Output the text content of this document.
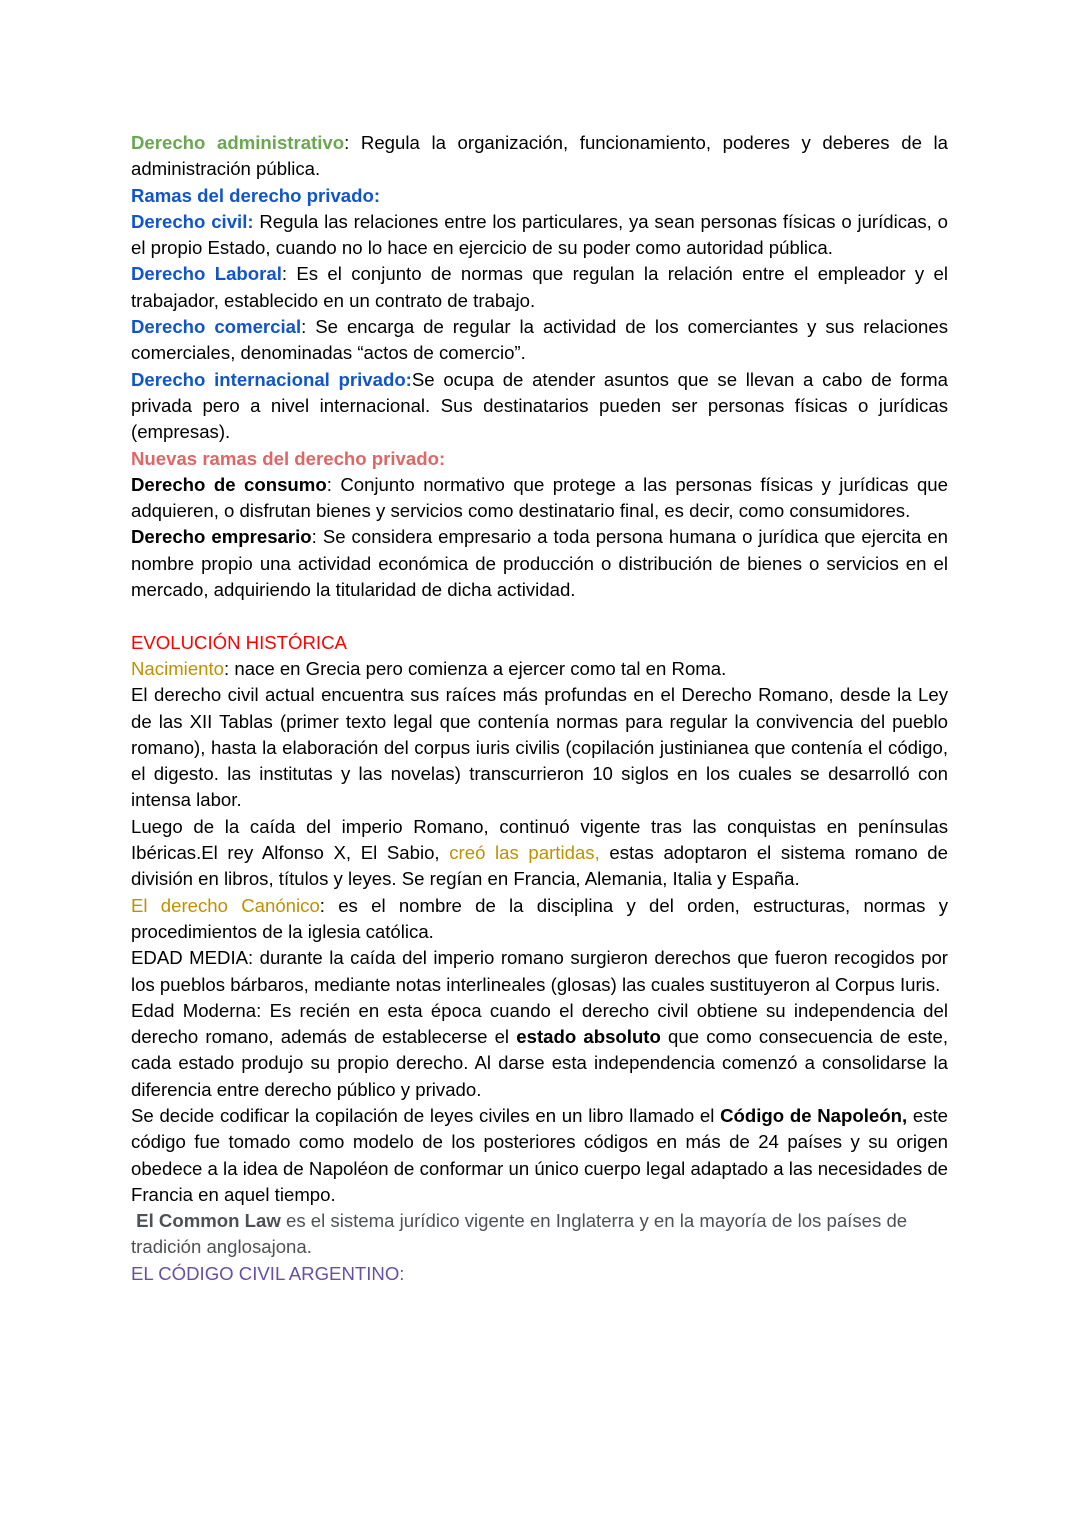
Derecho administrativo: Regula la organización, funcionamiento, poderes y deberes de la administración pública.

Ramas del derecho privado:

Derecho civil: Regula las relaciones entre los particulares, ya sean personas físicas o jurídicas, o el propio Estado, cuando no lo hace en ejercicio de su poder como autoridad pública.

Derecho Laboral: Es el conjunto de normas que regulan la relación entre el empleador y el trabajador, establecido en un contrato de trabajo.

Derecho comercial: Se encarga de regular la actividad de los comerciantes y sus relaciones comerciales, denominadas “actos de comercio”.

Derecho internacional privado:Se ocupa de atender asuntos que se llevan a cabo de forma privada pero a nivel internacional. Sus destinatarios pueden ser personas físicas o jurídicas (empresas).

Nuevas ramas del derecho privado:

Derecho de consumo: Conjunto normativo que protege a las personas físicas y jurídicas que adquieren, o disfrutan bienes y servicios como destinatario final, es decir, como consumidores.

Derecho empresario: Se considera empresario a toda persona humana o jurídica que ejercita en nombre propio una actividad económica de producción o distribución de bienes o servicios en el mercado, adquiriendo la titularidad de dicha actividad.

EVOLUCIÓN HISTÓRICA

Nacimiento: nace en Grecia pero comienza a ejercer como tal en Roma.

El derecho civil actual encuentra sus raíces más profundas en el Derecho Romano, desde la Ley de las XII Tablas (primer texto legal que contenía normas para regular la convivencia del pueblo romano), hasta la elaboración del corpus iuris civilis (copilación justinianea que contenía el código, el digesto. las institutas y las novelas) transcurrieron 10 siglos en los cuales se desarrolló con intensa labor.

Luego de la caída del imperio Romano, continuó vigente tras las conquistas en penínsulas Ibéricas.El rey Alfonso X, El Sabio, creó las partidas, estas adoptaron el sistema romano de división en libros, títulos y leyes. Se regían en Francia, Alemania, Italia y España.

El derecho Canónico: es el nombre de la disciplina y del orden, estructuras, normas y procedimientos de la iglesia católica.

EDAD MEDIA: durante la caída del imperio romano surgieron derechos que fueron recogidos por los pueblos bárbaros, mediante notas interlineales (glosas) las cuales sustituyeron al Corpus Iuris.

Edad Moderna: Es recién en esta época cuando el derecho civil obtiene su independencia del derecho romano, además de establecerse el estado absoluto que como consecuencia de este, cada estado produjo su propio derecho. Al darse esta independencia comenzó a consolidarse la diferencia entre derecho público y privado.

Se decide codificar la copilación de leyes civiles en un libro llamado el Código de Napoleón, este código fue tomado como modelo de los posteriores códigos en más de 24 países y su origen obedece a la idea de Napoléon de conformar un único cuerpo legal adaptado a las necesidades de Francia en aquel tiempo.

El Common Law es el sistema jurídico vigente en Inglaterra y en la mayoría de los países de tradición anglosajona.

EL CÓDIGO CIVIL ARGENTINO:
